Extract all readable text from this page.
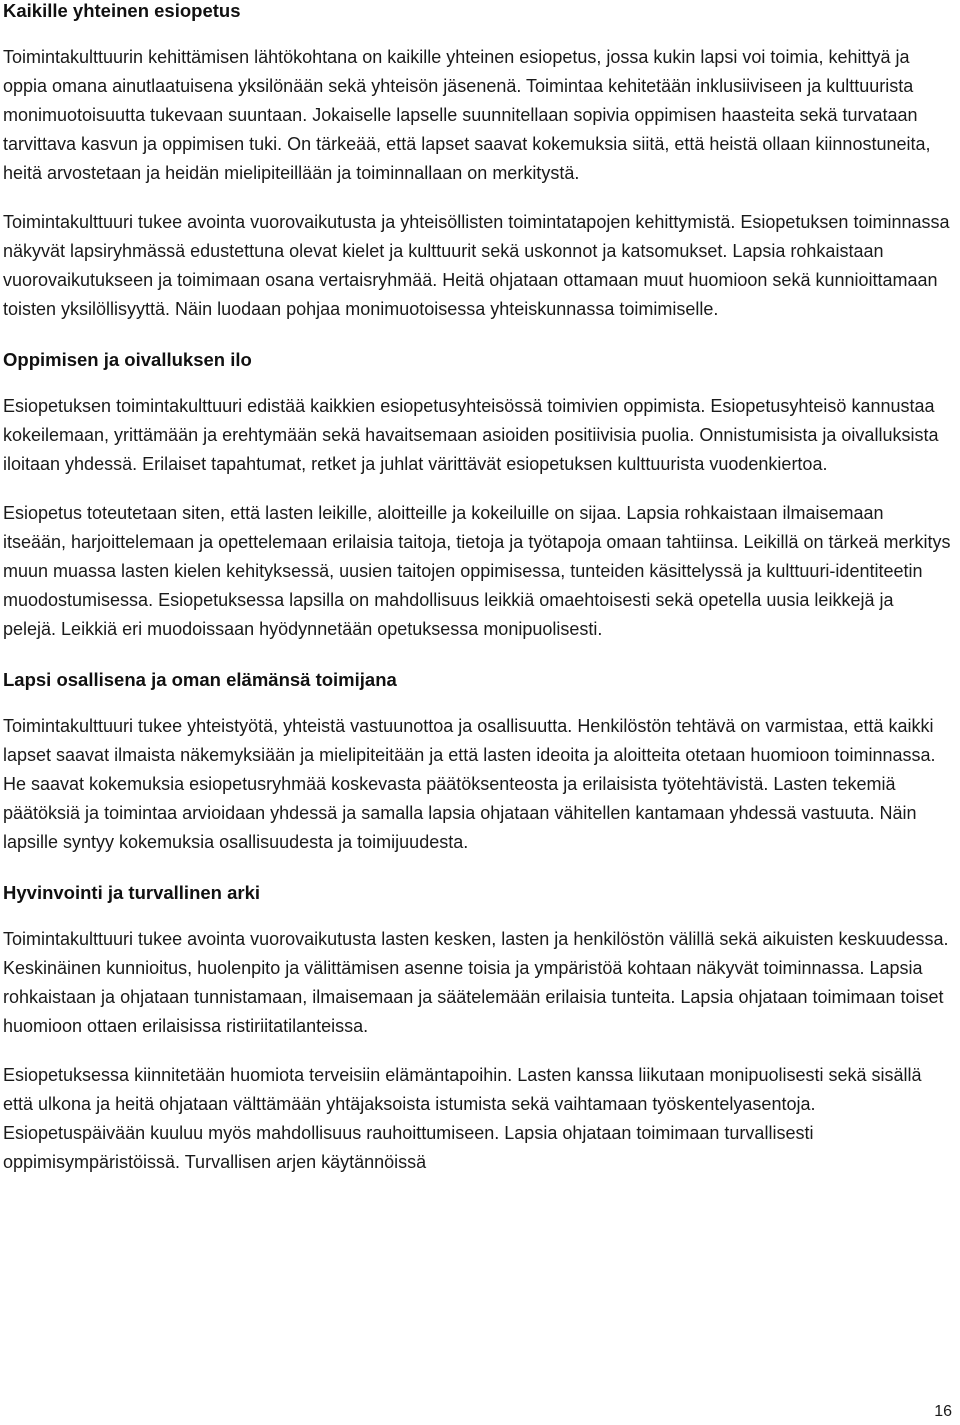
Kaikille yhteinen esiopetus

Toimintakulttuurin kehittämisen lähtökohtana on kaikille yhteinen esiopetus, jossa kukin lapsi voi toimia, kehittyä ja oppia omana ainutlaatuisena yksilönään sekä yhteisön jäsenenä. Toimintaa kehitetään inklusiiviseen ja kulttuurista monimuotoisuutta tukevaan suuntaan. Jokaiselle lapselle suunnitellaan sopivia oppimisen haasteita sekä turvataan tarvittava kasvun ja oppimisen tuki. On tärkeää, että lapset saavat kokemuksia siitä, että heistä ollaan kiinnostuneita, heitä arvostetaan ja heidän mielipiteillään ja toiminnallaan on merkitystä.

Toimintakulttuuri tukee avointa vuorovaikutusta ja yhteisöllisten toimintatapojen kehittymistä. Esiopetuksen toiminnassa näkyvät lapsiryhmässä edustettuna olevat kielet ja kulttuurit sekä uskonnot ja katsomukset. Lapsia rohkaistaan vuorovaikutukseen ja toimimaan osana vertaisryhmää. Heitä ohjataan ottamaan muut huomioon sekä kunnioittamaan toisten yksilöllisyyttä. Näin luodaan pohjaa monimuotoisessa yhteiskunnassa toimimiselle.

Oppimisen ja oivalluksen ilo

Esiopetuksen toimintakulttuuri edistää kaikkien esiopetusyhteisössä toimivien oppimista. Esiopetusyhteisö kannustaa kokeilemaan, yrittämään ja erehtymään sekä havaitsemaan asioiden positiivisia puolia. Onnistumisista ja oivalluksista iloitaan yhdessä. Erilaiset tapahtumat, retket ja juhlat värittävät esiopetuksen kulttuurista vuodenkiertoa.

Esiopetus toteutetaan siten, että lasten leikille, aloitteille ja kokeiluille on sijaa. Lapsia rohkaistaan ilmaisemaan itseään, harjoittelemaan ja opettelemaan erilaisia taitoja, tietoja ja työtapoja omaan tahtiinsa. Leikillä on tärkeä merkitys muun muassa lasten kielen kehityksessä, uusien taitojen oppimisessa, tunteiden käsittelyssä ja kulttuuri-identiteetin muodostumisessa. Esiopetuksessa lapsilla on mahdollisuus leikkiä omaehtoisesti sekä opetella uusia leikkejä ja pelejä. Leikkiä eri muodoissaan hyödynnetään opetuksessa monipuolisesti.

Lapsi osallisena ja oman elämänsä toimijana

Toimintakulttuuri tukee yhteistyötä, yhteistä vastuunottoa ja osallisuutta. Henkilöstön tehtävä on varmistaa, että kaikki lapset saavat ilmaista näkemyksiään ja mielipiteitään ja että lasten ideoita ja aloitteita otetaan huomioon toiminnassa. He saavat kokemuksia esiopetusryhmää koskevasta päätöksenteosta ja erilaisista työtehtävistä. Lasten tekemiä päätöksiä ja toimintaa arvioidaan yhdessä ja samalla lapsia ohjataan vähitellen kantamaan yhdessä vastuuta. Näin lapsille syntyy kokemuksia osallisuudesta ja toimijuudesta.

Hyvinvointi ja turvallinen arki

Toimintakulttuuri tukee avointa vuorovaikutusta lasten kesken, lasten ja henkilöstön välillä sekä aikuisten keskuudessa. Keskinäinen kunnioitus, huolenpito ja välittämisen asenne toisia ja ympäristöä kohtaan näkyvät toiminnassa. Lapsia rohkaistaan ja ohjataan tunnistamaan, ilmaisemaan ja säätelemään erilaisia tunteita. Lapsia ohjataan toimimaan toiset huomioon ottaen erilaisissa ristiriitatilanteissa.

Esiopetuksessa kiinnitetään huomiota terveisiin elämäntapoihin. Lasten kanssa liikutaan monipuolisesti sekä sisällä että ulkona ja heitä ohjataan välttämään yhtäjaksoista istumista sekä vaihtamaan työskentelyasentoja. Esiopetuspäivään kuuluu myös mahdollisuus rauhoittumiseen. Lapsia ohjataan toimimaan turvallisesti oppimisympäristöissä. Turvallisen arjen käytännöissä

16
